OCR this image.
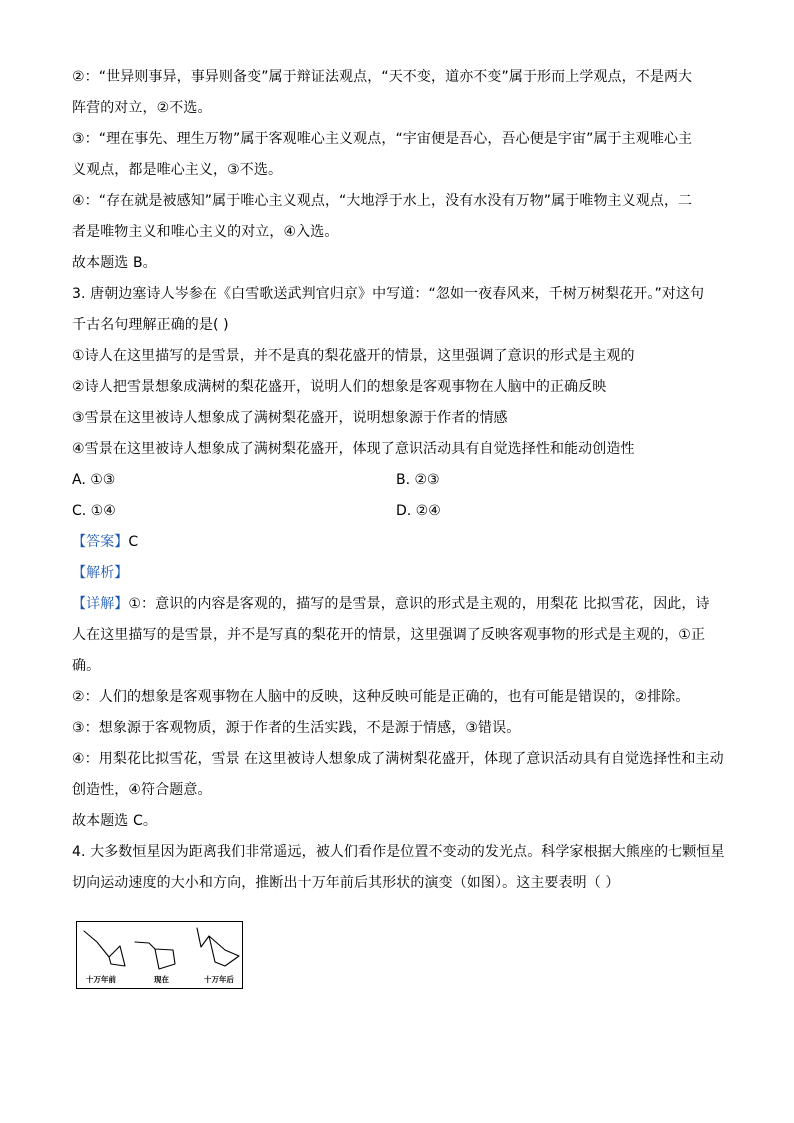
②：“世异则事异，事异则备变”属于辩证法观点，“天不变，道亦不变”属于形而上学观点，不是两大
阵营的对立，②不选。
③：“理在事先、理生万物”属于客观唯心主义观点，“宇宙便是吾心，吾心便是宇宙”属于主观唯心主
义观点，都是唯心主义，③不选。
④：“存在就是被感知”属于唯心主义观点，“大地浮于水上，没有水没有万物”属于唯物主义观点，二
者是唯物主义和唯心主义的对立，④入选。
故本题选 B。
3. 唐朝边塞诗人岑参在《白雪歌送武判官归京》中写道：“忽如一夜春风来，千树万树梨花开。”对这句
千古名句理解正确的是( )
①诗人在这里描写的是雪景，并不是真的梨花盛开的情景，这里强调了意识的形式是主观的
②诗人把雪景想象成满树的梨花盛开，说明人们的想象是客观事物在人脑中的正确反映
③雪景在这里被诗人想象成了满树梨花盛开，说明想象源于作者的情感
④雪景在这里被诗人想象成了满树梨花盛开，体现了意识活动具有自觉选择性和能动创造性
A. ①③	B. ②③
C. ①④	D. ②④
【答案】C
【解析】
【详解】①：意识的内容是客观的，描写的是雪景，意识的形式是主观的，用梨花 比拟雪花，因此，诗
人在这里描写的是雪景，并不是写真的梨花开的情景，这里强调了反映客观事物的形式是主观的，①正
确。
②：人们的想象是客观事物在人脑中的反映，这种反映可能是正确的，也有可能是错误的，②排除。
③：想象源于客观物质，源于作者的生活实践，不是源于情感，③错误。
④：用梨花比拟雪花，雪景 在这里被诗人想象成了满树梨花盛开，体现了意识活动具有自觉选择性和主动
创造性，④符合题意。
故本题选 C。
4. 大多数恒星因为距离我们非常遥远，被人们看作是位置不变动的发光点。科学家根据大熊座的七颗恒星
切向运动速度的大小和方向，推断出十万年前后其形状的演变（如图）。这主要表明（ ）
十万年前	现在	十万年后
